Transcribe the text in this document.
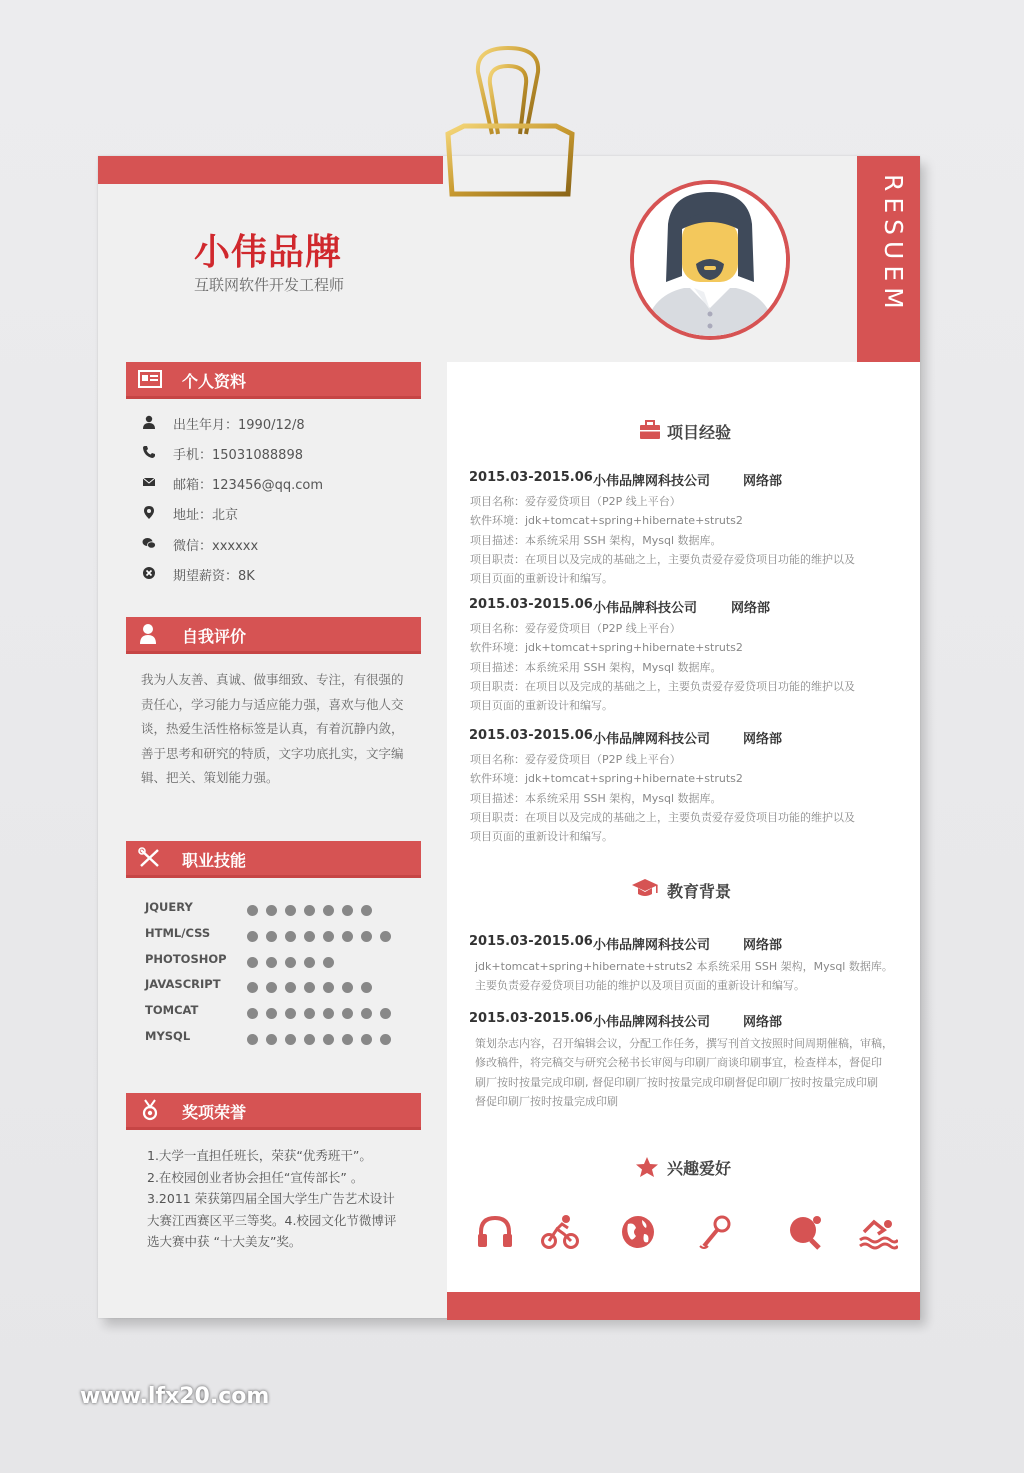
RESUEM
小伟品牌
互联网软件开发工程师
个人资料
出生年月：1990/12/8
手机：15031088898
邮箱：123456@qq.com
地址：北京
微信：xxxxxx
期望薪资：8K
自我评价
我为人友善、真诚、做事细致、专注，有很强的
责任心，学习能力与适应能力强，喜欢与他人交
谈，热爱生活性格标签是认真，有着沉静内敛，
善于思考和研究的特质，文字功底扎实，文字编
辑、把关、策划能力强。
职业技能
JQUERY
HTML/CSS
PHOTOSHOP
JAVASCRIPT
TOMCAT
MYSQL
奖项荣誉
1.大学一直担任班长，荣获“优秀班干”。
2.在校园创业者协会担任“宣传部长” 。
3.2011 荣获第四届全国大学生广告艺术设计
大赛江西赛区平三等奖。4.校园文化节微博评
选大赛中获 “十大美友”奖。
项目经验
2015.03-2015.06 小伟品牌网科技公司	网络部
项目名称：爱存爱贷项目（P2P 线上平台）
软件环境：jdk+tomcat+spring+hibernate+struts2
项目描述：本系统采用 SSH 架构，Mysql 数据库。
项目职责：在项目以及完成的基础之上，主要负责爱存爱贷项目功能的维护以及
项目页面的重新设计和编写。
2015.03-2015.06 小伟品牌科技公司	网络部
项目名称：爱存爱贷项目（P2P 线上平台）
软件环境：jdk+tomcat+spring+hibernate+struts2
项目描述：本系统采用 SSH 架构，Mysql 数据库。
项目职责：在项目以及完成的基础之上，主要负责爱存爱贷项目功能的维护以及
项目页面的重新设计和编写。
2015.03-2015.06 小伟品牌网科技公司	网络部
项目名称：爱存爱贷项目（P2P 线上平台）
软件环境：jdk+tomcat+spring+hibernate+struts2
项目描述：本系统采用 SSH 架构，Mysql 数据库。
项目职责：在项目以及完成的基础之上，主要负责爱存爱贷项目功能的维护以及
项目页面的重新设计和编写。
教育背景
2015.03-2015.06 小伟品牌网科技公司	网络部
jdk+tomcat+spring+hibernate+struts2 本系统采用 SSH 架构，Mysql 数据库。
主要负责爱存爱贷项目功能的维护以及项目页面的重新设计和编写。
2015.03-2015.06 小伟品牌网科技公司	网络部
策划杂志内容，召开编辑会议，分配工作任务，撰写刊首文按照时间周期催稿，审稿，
修改稿件，将完稿交与研究会秘书长审阅与印刷厂商谈印刷事宜，检查样本，督促印
刷厂按时按量完成印刷, 督促印刷厂按时按量完成印刷督促印刷厂按时按量完成印刷
督促印刷厂按时按量完成印刷
兴趣爱好
www.lfx20.com
